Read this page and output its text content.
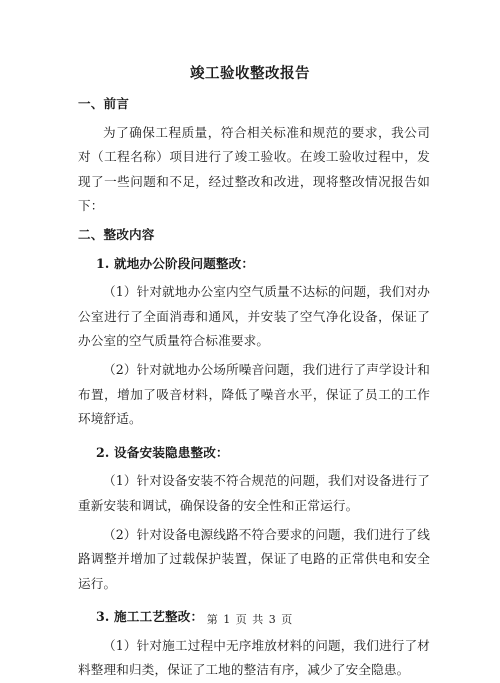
竣工验收整改报告

一、前言

为了确保工程质量，符合相关标准和规范的要求，我公司对（工程名称）项目进行了竣工验收。在竣工验收过程中，发现了一些问题和不足，经过整改和改进，现将整改情况报告如下：

二、整改内容

1. 就地办公阶段问题整改：

（1）针对就地办公室内空气质量不达标的问题，我们对办公室进行了全面消毒和通风，并安装了空气净化设备，保证了办公室的空气质量符合标准要求。

（2）针对就地办公场所噪音问题，我们进行了声学设计和布置，增加了吸音材料，降低了噪音水平，保证了员工的工作环境舒适。

2. 设备安装隐患整改：

（1）针对设备安装不符合规范的问题，我们对设备进行了重新安装和调试，确保设备的安全性和正常运行。

（2）针对设备电源线路不符合要求的问题，我们进行了线路调整并增加了过载保护装置，保证了电路的正常供电和安全运行。

3. 施工工艺整改：

（1）针对施工过程中无序堆放材料的问题，我们进行了材料整理和归类，保证了工地的整洁有序，减少了安全隐患。

第 1 页 共 3 页
